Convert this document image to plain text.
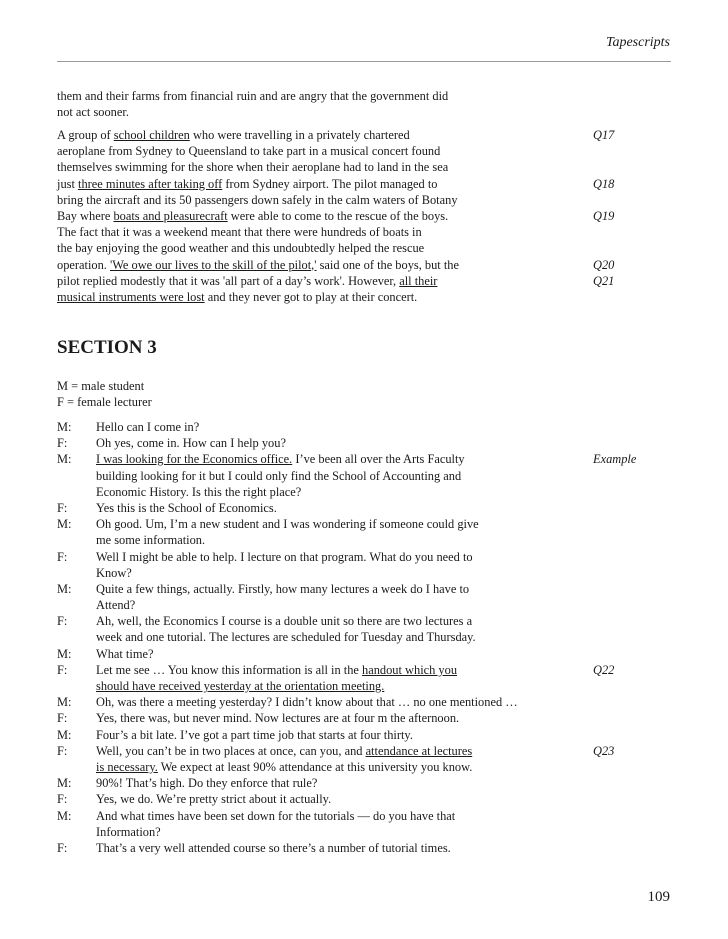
Tapescripts
them and their farms from financial ruin and are angry that the government did
not act sooner.
A group of school children who were travelling in a privately chartered
aeroplane from Sydney to Queensland to take part in a musical concert found
themselves swimming for the shore when their aeroplane had to land in the sea
just three minutes after taking off from Sydney airport. The pilot managed to
bring the aircraft and its 50 passengers down safely in the calm waters of Botany
Bay where boats and pleasurecraft were able to come to the rescue of the boys.
The fact that it was a weekend meant that there were hundreds of boats in
the bay enjoying the good weather and this undoubtedly helped the rescue
operation. 'We owe our lives to the skill of the pilot,' said one of the boys, but the
pilot replied modestly that it was 'all part of a day’s work'. However, all their
musical instruments were lost and they never got to play at their concert.
Q17
Q18
Q19
Q20
Q21
SECTION 3
M = male student
F = female lecturer
M:	Hello can I come in?
F:	Oh yes, come in. How can I help you?
M:	I was looking for the Economics office. I’ve been all over the Arts Faculty
building looking for it but I could only find the School of Accounting and
Economic History. Is this the right place?
F:	Yes this is the School of Economics.
M:	Oh good. Um, I’m a new student and I was wondering if someone could give
me some information.
F:	Well I might be able to help. I lecture on that program. What do you need to
Know?
M:	Quite a few things, actually. Firstly, how many lectures a week do I have to
Attend?
F:	Ah, well, the Economics I course is a double unit so there are two lectures a
week and one tutorial. The lectures are scheduled for Tuesday and Thursday.
M:	What time?
F:	Let me see … You know this information is all in the handout which you
should have received yesterday at the orientation meeting.
M:	Oh, was there a meeting yesterday? I didn’t know about that … no one mentioned …
F:	Yes, there was, but never mind. Now lectures are at four m the afternoon.
M:	Four’s a bit late. I’ve got a part time job that starts at four thirty.
F:	Well, you can’t be in two places at once, can you, and attendance at lectures
is necessary. We expect at least 90% attendance at this university you know.
M:	90%! That’s high. Do they enforce that rule?
F:	Yes, we do. We’re pretty strict about it actually.
M:	And what times have been set down for the tutorials — do you have that
Information?
F:	That’s a very well attended course so there’s a number of tutorial times.
Example
Q22
Q23
109
